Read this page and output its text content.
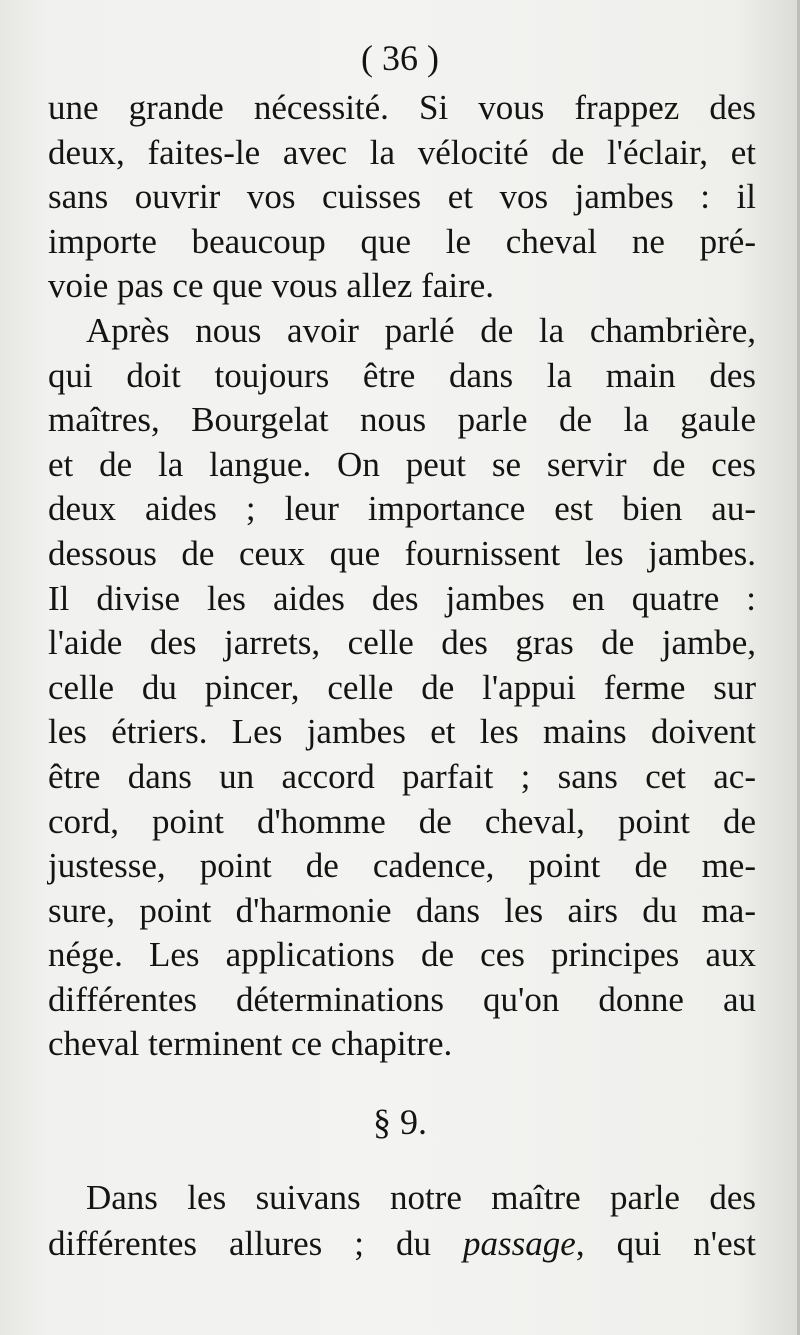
( 36 )
une grande nécessité. Si vous frappez des
deux, faites-le avec la vélocité de l'éclair, et
sans ouvrir vos cuisses et vos jambes : il
importe beaucoup que le cheval ne pré-
voie pas ce que vous allez faire.
Après nous avoir parlé de la chambrière,
qui doit toujours être dans la main des
maîtres, Bourgelat nous parle de la gaule
et de la langue. On peut se servir de ces
deux aides ; leur importance est bien au-
dessous de ceux que fournissent les jambes.
Il divise les aides des jambes en quatre :
l'aide des jarrets, celle des gras de jambe,
celle du pincer, celle de l'appui ferme sur
les étriers. Les jambes et les mains doivent
être dans un accord parfait ; sans cet ac-
cord, point d'homme de cheval, point de
justesse, point de cadence, point de me-
sure, point d'harmonie dans les airs du ma-
nége. Les applications de ces principes aux
différentes déterminations qu'on donne au
cheval terminent ce chapitre.
§ 9.
Dans les suivans notre maître parle des
différentes allures ; du passage, qui n'est
